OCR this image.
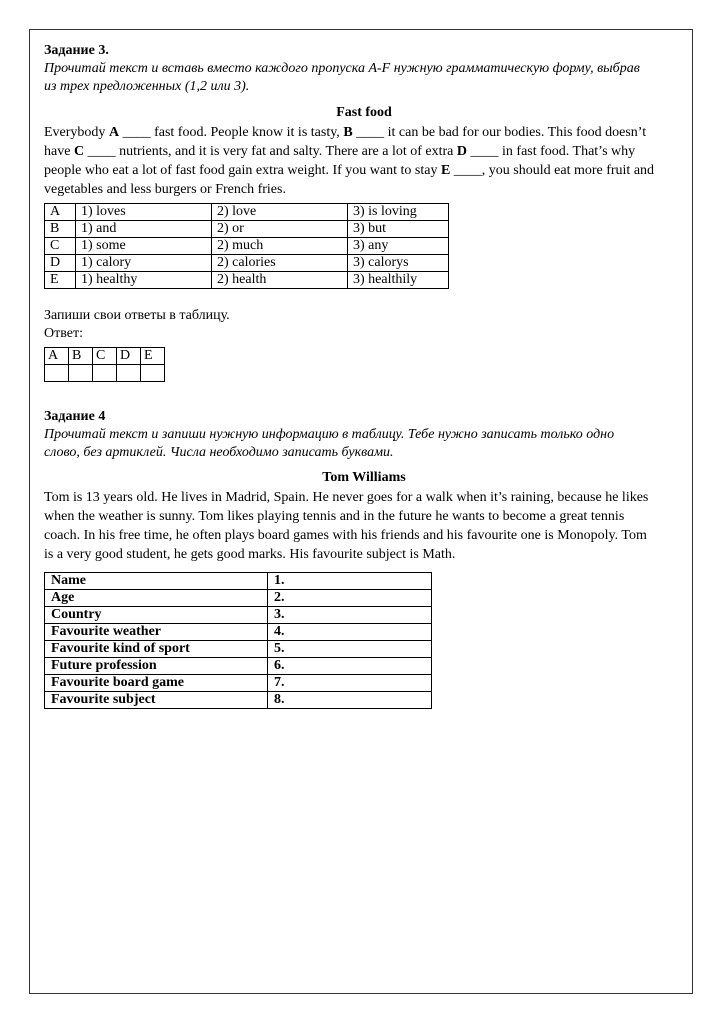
Задание 3.
Прочитай текст и вставь вместо каждого пропуска A-F нужную грамматическую форму, выбрав
из трех предложенных (1,2 или 3).
Fast food
Everybody A ____ fast food. People know it is tasty, B ____ it can be bad for our bodies. This food doesn’t
have C ____ nutrients, and it is very fat and salty. There are a lot of extra D ____ in fast food. That’s why
people who eat a lot of fast food gain extra weight. If you want to stay E ____, you should eat more fruit and
vegetables and less burgers or French fries.
A	1) loves	2) love	3) is loving
B	1) and	2) or	3) but
C	1) some	2) much	3) any
D	1) calory	2) calories	3) calorys
E	1) healthy	2) health	3) healthily
Запиши свои ответы в таблицу.
Ответ:
A	B	C	D	E

Задание 4
Прочитай текст и запиши нужную информацию в таблицу. Тебе нужно записать только одно
слово, без артиклей. Числа необходимо записать буквами.
Tom Williams
Tom is 13 years old. He lives in Madrid, Spain. He never goes for a walk when it’s raining, because he likes
when the weather is sunny. Tom likes playing tennis and in the future he wants to become a great tennis
coach. In his free time, he often plays board games with his friends and his favourite one is Monopoly. Tom
is a very good student, he gets good marks. His favourite subject is Math.
Name	1.
Age	2.
Country	3.
Favourite weather	4.
Favourite kind of sport	5.
Future profession	6.
Favourite board game	7.
Favourite subject	8.
